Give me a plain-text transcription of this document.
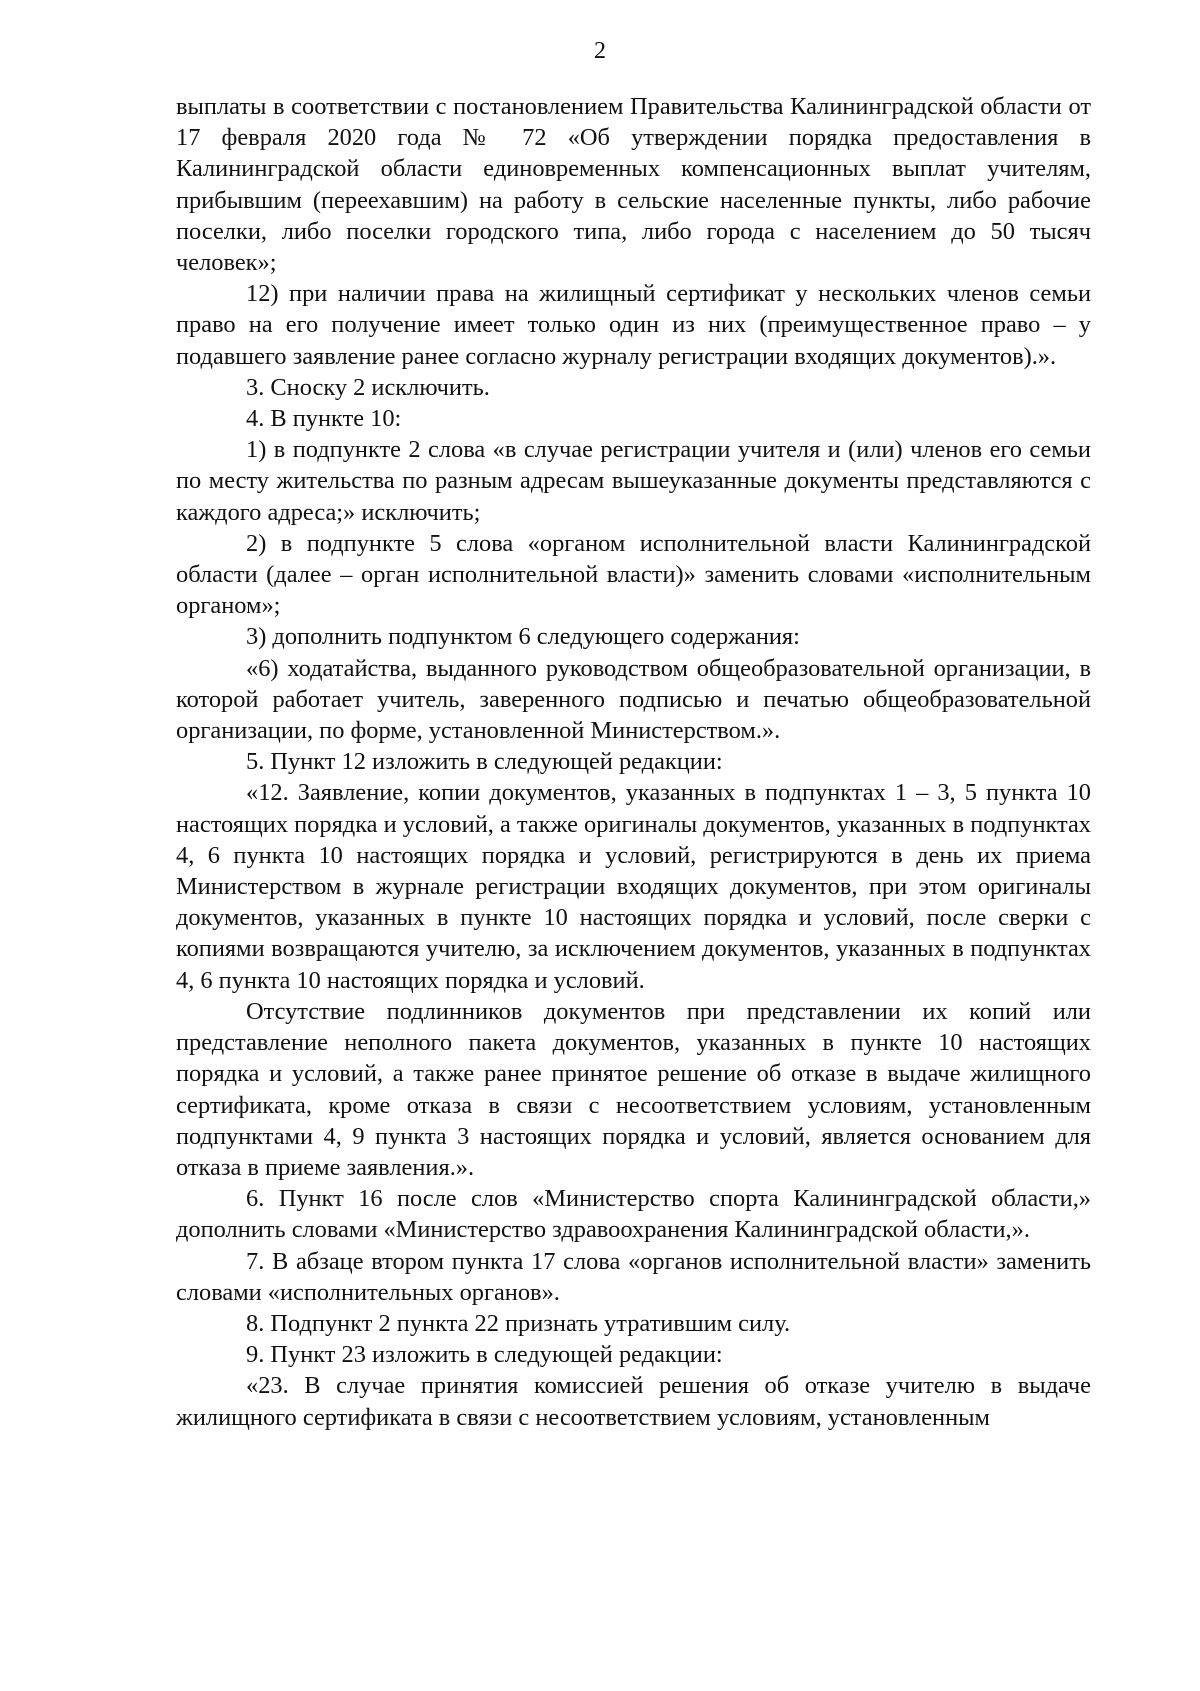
2

выплаты в соответствии с постановлением Правительства Калининградской области от 17 февраля 2020 года № 72 «Об утверждении порядка предоставления в Калининградской области единовременных компенсационных выплат учителям, прибывшим (переехавшим) на работу в сельские населенные пункты, либо рабочие поселки, либо поселки городского типа, либо города с населением до 50 тысяч человек»;

12) при наличии права на жилищный сертификат у нескольких членов семьи право на его получение имеет только один из них (преимущественное право – у подавшего заявление ранее согласно журналу регистрации входящих документов).».

3. Сноску 2 исключить.

4. В пункте 10:

1) в подпункте 2 слова «в случае регистрации учителя и (или) членов его семьи по месту жительства по разным адресам вышеуказанные документы представляются с каждого адреса;» исключить;

2) в подпункте 5 слова «органом исполнительной власти Калининградской области (далее – орган исполнительной власти)» заменить словами «исполнительным органом»;

3) дополнить подпунктом 6 следующего содержания:

«6) ходатайства, выданного руководством общеобразовательной организации, в которой работает учитель, заверенного подписью и печатью общеобразовательной организации, по форме, установленной Министерством.».

5. Пункт 12 изложить в следующей редакции:

«12. Заявление, копии документов, указанных в подпунктах 1 – 3, 5 пункта 10 настоящих порядка и условий, а также оригиналы документов, указанных в подпунктах 4, 6 пункта 10 настоящих порядка и условий, регистрируются в день их приема Министерством в журнале регистрации входящих документов, при этом оригиналы документов, указанных в пункте 10 настоящих порядка и условий, после сверки с копиями возвращаются учителю, за исключением документов, указанных в подпунктах 4, 6 пункта 10 настоящих порядка и условий.

Отсутствие подлинников документов при представлении их копий или представление неполного пакета документов, указанных в пункте 10 настоящих порядка и условий, а также ранее принятое решение об отказе в выдаче жилищного сертификата, кроме отказа в связи с несоответствием условиям, установленным подпунктами 4, 9 пункта 3 настоящих порядка и условий, является основанием для отказа в приеме заявления.».

6. Пункт 16 после слов «Министерство спорта Калининградской области,» дополнить словами «Министерство здравоохранения Калининградской области,».

7. В абзаце втором пункта 17 слова «органов исполнительной власти» заменить словами «исполнительных органов».

8. Подпункт 2 пункта 22 признать утратившим силу.

9. Пункт 23 изложить в следующей редакции:

«23. В случае принятия комиссией решения об отказе учителю в выдаче жилищного сертификата в связи с несоответствием условиям, установленным
